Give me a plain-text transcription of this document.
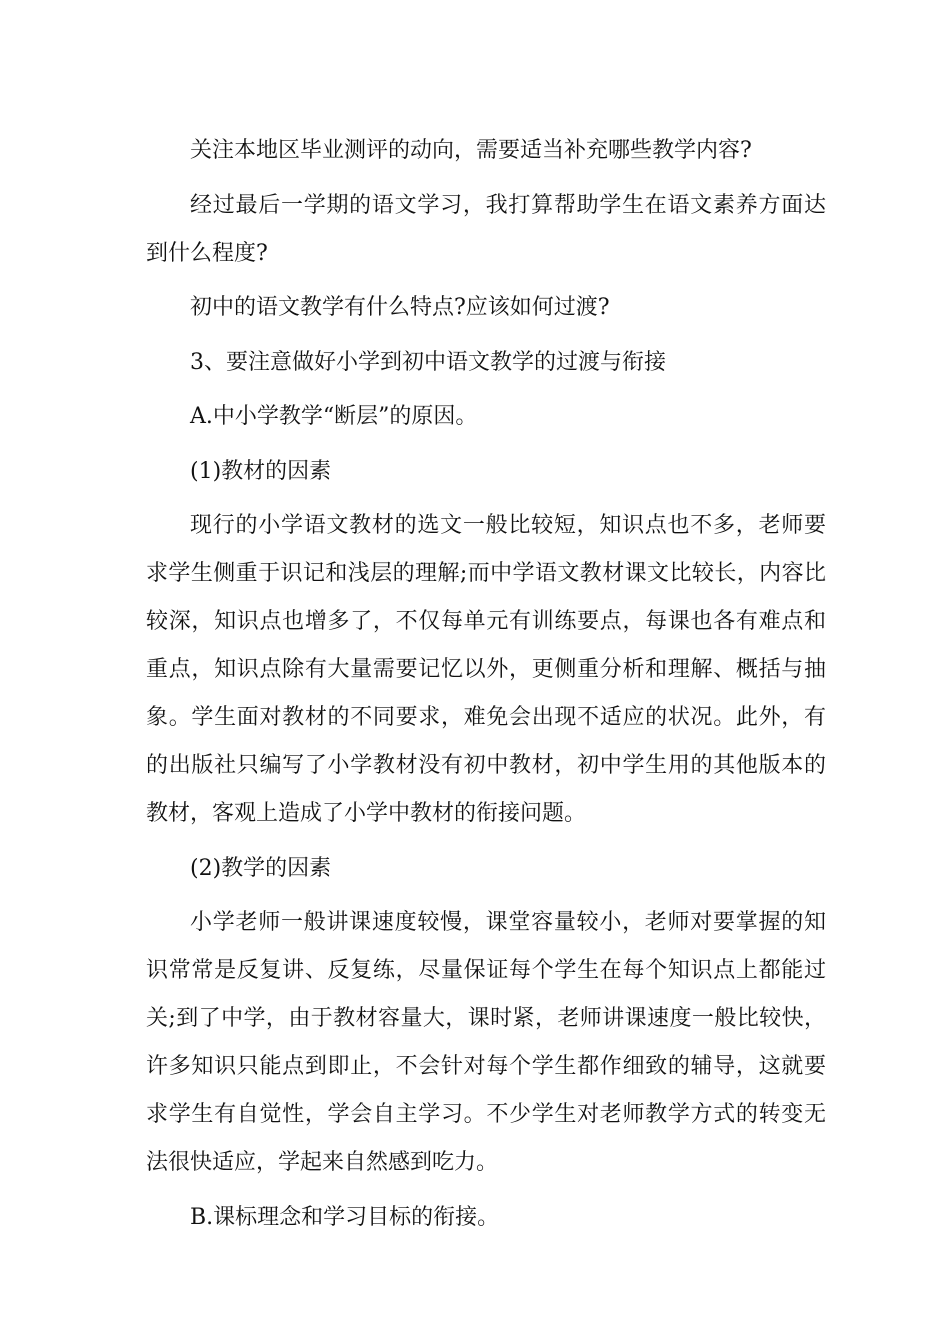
关注本地区毕业测评的动向，需要适当补充哪些教学内容?

经过最后一学期的语文学习，我打算帮助学生在语文素养方面达到什么程度?

初中的语文教学有什么特点?应该如何过渡?

3、要注意做好小学到初中语文教学的过渡与衔接

A.中小学教学“断层”的原因。

(1)教材的因素

现行的小学语文教材的选文一般比较短，知识点也不多，老师要求学生侧重于识记和浅层的理解;而中学语文教材课文比较长，内容比较深，知识点也增多了，不仅每单元有训练要点，每课也各有难点和重点，知识点除有大量需要记忆以外，更侧重分析和理解、概括与抽象。学生面对教材的不同要求，难免会出现不适应的状况。此外，有的出版社只编写了小学教材没有初中教材，初中学生用的其他版本的教材，客观上造成了小学中教材的衔接问题。

(2)教学的因素

小学老师一般讲课速度较慢，课堂容量较小，老师对要掌握的知识常常是反复讲、反复练，尽量保证每个学生在每个知识点上都能过关;到了中学，由于教材容量大，课时紧，老师讲课速度一般比较快，许多知识只能点到即止，不会针对每个学生都作细致的辅导，这就要求学生有自觉性，学会自主学习。不少学生对老师教学方式的转变无法很快适应，学起来自然感到吃力。

B.课标理念和学习目标的衔接。
